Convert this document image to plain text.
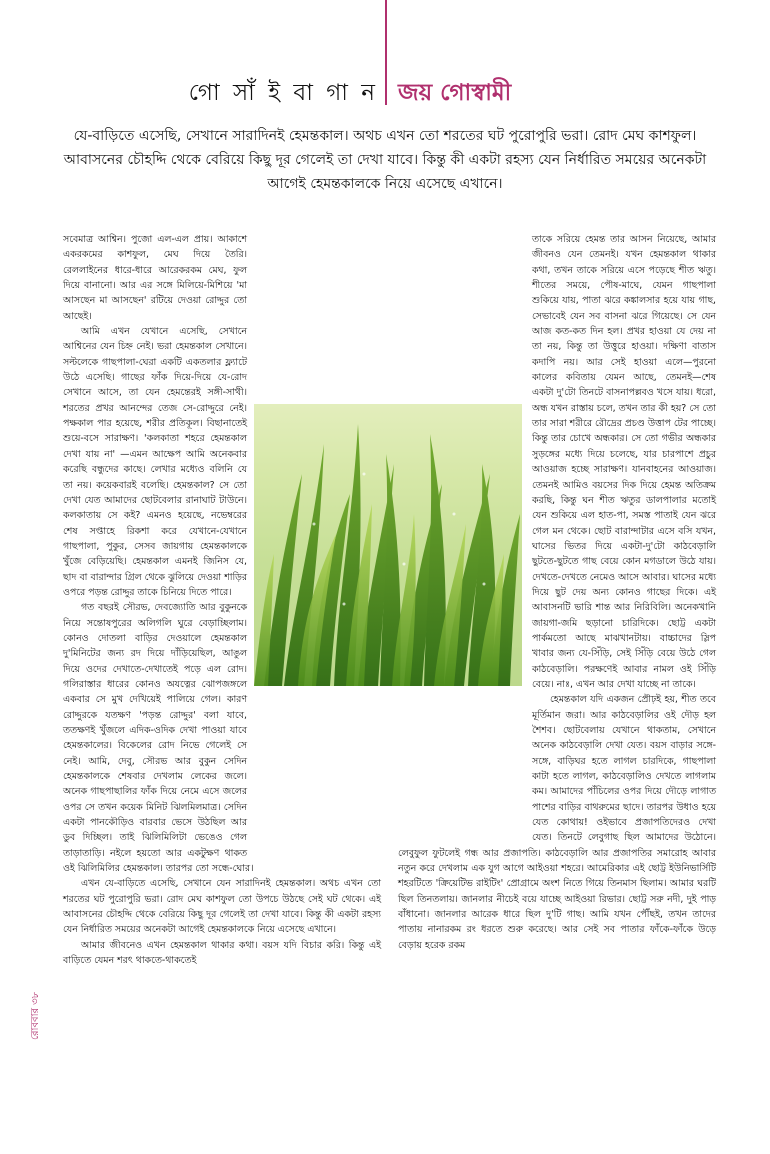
গো সাঁ ই বা গা ন জয় গোস্বামী
যে-বাড়িতে এসেছি, সেখানে সারাদিনই হেমন্তকাল। অথচ এখন তো শরতের ঘট পুরোপুরি ভরা। রোদ মেঘ কাশফুল। আবাসনের চৌহদ্দি থেকে বেরিয়ে কিছু দূর গেলেই তা দেখা যাবে। কিন্তু কী একটা রহস্য যেন নির্ধারিত সময়ের অনেকটা আগেই হেমন্তকালকে নিয়ে এসেছে এখানে।

সবেমাত্র আশ্বিন। পুজো এল-এল প্রায়। আকাশে একরকমের কাশফুল, মেঘ দিয়ে তৈরি। রেললাইনের ধারে-ধারে আরেকরকম মেঘ, ফুল দিয়ে বানানো। আর এর সঙ্গে মিলিয়ে-মিশিয়ে 'মা আসছেন মা আসছেন' রটিয়ে দেওয়া রোদ্দুর তো আছেই।

আমি এখন যেখানে এসেছি, সেখানে আশ্বিনের যেন চিহ্ন নেই। ভরা হেমন্তকাল সেখানে। সল্টলেকে গাছপালা-ঘেরা একটি একতলার ফ্ল্যাটে উঠে এসেছি। গাছের ফাঁক দিয়ে-দিয়ে যে-রোদ সেখানে আসে, তা যেন হেমন্তেরই সঙ্গী-সাথী। শরতের প্রখর আনন্দের তেজ সে-রোদ্দুরে নেই। পক্ষকাল পার হয়েছে, শরীর প্রতিকূল। বিছানাতেই শুয়ে-বসে সারাক্ষণ। 'কলকাতা শহরে হেমন্তকাল দেখা যায় না' —এমন আক্ষেপ আমি অনেকবার করেছি বন্ধুদের কাছে। লেখার মধ্যেও বলিনি যে তা নয়। কয়েকবারই বলেছি। হেমন্তকাল? সে তো দেখা যেত আমাদের ছোটবেলার রানাঘাট টাউনে। কলকাতায় সে কই? এমনও হয়েছে, নভেম্বরের শেষ সপ্তাহে রিকশা করে যেখানে-যেখানে গাছপালা, পুকুর, সেসব জায়গায় হেমন্তকালকে খুঁজে বেড়িয়েছি। হেমন্তকাল এমনই জিনিস যে, ছাদ বা বারান্দার গ্রিল থেকে ঝুলিয়ে দেওয়া শাড়ির ওপরে পড়ন্ত রোদ্দুর তাকে চিনিয়ে দিতে পারে।

গত বছরই সৌরভ, দেবজ্যোতি আর বুকুনকে নিয়ে সন্তোষপুরের অলিগলি ঘুরে বেড়াচ্ছিলাম। কোনও দোতলা বাড়ির দেওয়ালে হেমন্তকাল দু'মিনিটের জন্য রদ দিয়ে দাঁড়িয়েছিল, আঙুল দিয়ে ওদের দেখাতে-দেখাতেই পড়ে এল রোদ। গলিরাস্তার ধারের কোনও অযত্নের ঝোপজঙ্গলে একবার সে মুখ দেখিয়েই পালিয়ে গেল। কারণ রোদ্দুরকে যতক্ষণ 'পড়ন্ত রোদ্দুর' বলা যাবে, ততক্ষণই খুঁজলে এদিক-ওদিক দেখা পাওয়া যাবে হেমন্তকালের। বিকেলের রোদ নিভে গেলেই সে নেই। আমি, দেবু, সৌরভ আর বুকুন সেদিন হেমন্তকালকে শেষবার দেখলাম লেকের জলে। অনেক গাছপাছালির ফাঁক দিয়ে নেমে এসে জলের ওপর সে তখন কয়েক মিনিট ঝিলমিলমাত্র। সেদিন একটা পানকৌড়িও বারবার ভেসে উঠছিল আর ডুব দিচ্ছিল। তাই ঝিলিমিলিটা ভেঙেও গেল তাড়াতাড়ি। নইলে হয়তো আর একটুক্ষণ থাকত ওই ঝিলিমিলির হেমন্তকাল। তারপর তো সন্ধে-ঘোর।

এখন যে-বাড়িতে এসেছি, সেখানে যেন সারাদিনই হেমন্তকাল। অথচ এখন তো শরতের ঘট পুরোপুরি ভরা। রোদ মেঘ কাশফুল তো উপচে উঠছে সেই ঘট থেকে। এই আবাসনের চৌহদ্দি থেকে বেরিয়ে কিছু দূর গেলেই তা দেখা যাবে। কিন্তু কী একটা রহস্য যেন নির্ধারিত সময়ের অনেকটা আগেই হেমন্তকালকে নিয়ে এসেছে এখানে।

আমার জীবনেও এখন হেমন্তকাল থাকার কথা। বয়স যদি বিচার করি। কিন্তু এই বাড়িতে যেমন শরৎ থাকতে-থাকতেই

তাকে সরিয়ে হেমন্ত তার আসন নিয়েছে, আমার জীবনও যেন তেমনই। যখন হেমন্তকাল থাকার কথা, তখন তাকে সরিয়ে এসে পড়েছে শীত ঋতু। শীতের সময়ে, পৌষ-মাঘে, যেমন গাছপালা শুকিয়ে যায়, পাতা ঝরে কঙ্কালসার হয়ে যায় গাছ, সেভাবেই যেন সব বাসনা ঝরে গিয়েছে। সে যেন আজ কত-কত দিন হল। প্রখর হাওয়া যে দেয় না তা নয়, কিন্তু তা উত্তুরে হাওয়া। দক্ষিণা বাতাস কদাপি নয়। আর সেই হাওয়া এলে—পুরনো কালের কবিতায় যেমন আছে, তেমনই—শেষ একটা দু'টো তিনটে বাসনাপল্লবও খসে যায়। ধরো, অন্ধ যখন রাস্তায় চলে, তখন তার কী হয়? সে তো তার সারা শরীরে রৌদ্রের প্রচণ্ড উত্তাপ টের পাচ্ছে। কিন্তু তার চোখে অন্ধকার। সে তো গভীর অন্ধকার সুড়ঙ্গের মধ্যে দিয়ে চলেছে, যার চারপাশে প্রচুর আওয়াজ হচ্ছে সারাক্ষণ। যানবাহনের আওয়াজ। তেমনই আমিও বয়সের দিক দিয়ে হেমন্ত অতিক্রম করছি, কিন্তু ঘন শীত ঋতুর ডালপালার মতোই যেন শুকিয়ে এল হাত-পা, সমস্ত পাতাই যেন ঝরে গেল মন থেকে। ছোট বারান্দাটার এসে বসি যখন, ঘাসের ভিতর দিয়ে একটা-দু'টো কাঠবেড়ালি ছুটতে-ছুটতে গাছ বেয়ে কোন মগডালে উঠে যায়। দেখতে-দেখতে নেমেও আসে আবার। ঘাসের মধ্যে দিয়ে ছুট দেয় অন্য কোনও গাছের দিকে। এই আবাসনটি ভারি শান্ত আর নিরিবিলি। অনেকখানি জায়গা-জমি ছড়ানো চারিদিকে। ছোট্ট একটা পার্কমতো আছে মাঝখানটায়। বাচ্চাদের স্লিপ খাবার জন্য যে-সিঁড়ি, সেই সিঁড়ি বেয়ে উঠে গেল কাঠবেড়ালি। পরক্ষণেই আবার নামল ওই সিঁড়ি বেয়ে। নাঃ, এখন আর দেখা যাচ্ছে না তাকে।

হেমন্তকাল যদি একজন প্রৌঢ়ই হয়, শীত তবে মূর্তিমান জরা। আর কাঠবেড়ালির ওই দৌড় হল শৈশব। ছোটবেলায় যেখানে থাকতাম, সেখানে অনেক কাঠবেড়ালি দেখা যেত। বয়স বাড়ার সঙ্গে-সঙ্গে, বাড়িঘর হতে লাগল চারদিকে, গাছপালা কাটা হতে লাগল, কাঠবেড়ালিও দেখতে লাগলাম কম। আমাদের পাঁচিলের ওপর দিয়ে দৌড়ে লাগাত পাশের বাড়ির বাথরুমের ছাদে। তারপর উধাও হয়ে যেত কোথায়! ওইভাবে প্রজাপতিদেরও দেখা যেত। তিনটে লেবুগাছ ছিল আমাদের উঠোনে। লেবুফুল ফুটলেই গন্ধ আর প্রজাপতি। কাঠবেড়ালি আর প্রজাপতির সমারোহ আবার নতুন করে দেখলাম এক যুগ আগে আইওয়া শহরে। আমেরিকার এই ছোট্ট ইউনিভার্সিটি শহরটিতে 'ক্রিয়েটিভ রাইটিং' প্রোগ্রামে অংশ নিতে গিয়ে তিনমাস ছিলাম। আমার ঘরটি ছিল তিনতলায়। জানলার নীচেই বয়ে যাচ্ছে আইওয়া রিভার। ছোট্ট সরু নদী, দুই পাড় বাঁধানো। জানলার আরেক ধারে ছিল দু'টি গাছ। আমি যখন পৌঁছই, তখন তাদের পাতায় নানারকম রং ধরতে শুরু করেছে। আর সেই সব পাতার ফাঁকে-ফাঁকে উড়ে বেড়ায় হরেক রকম

রোববার ৩৮
